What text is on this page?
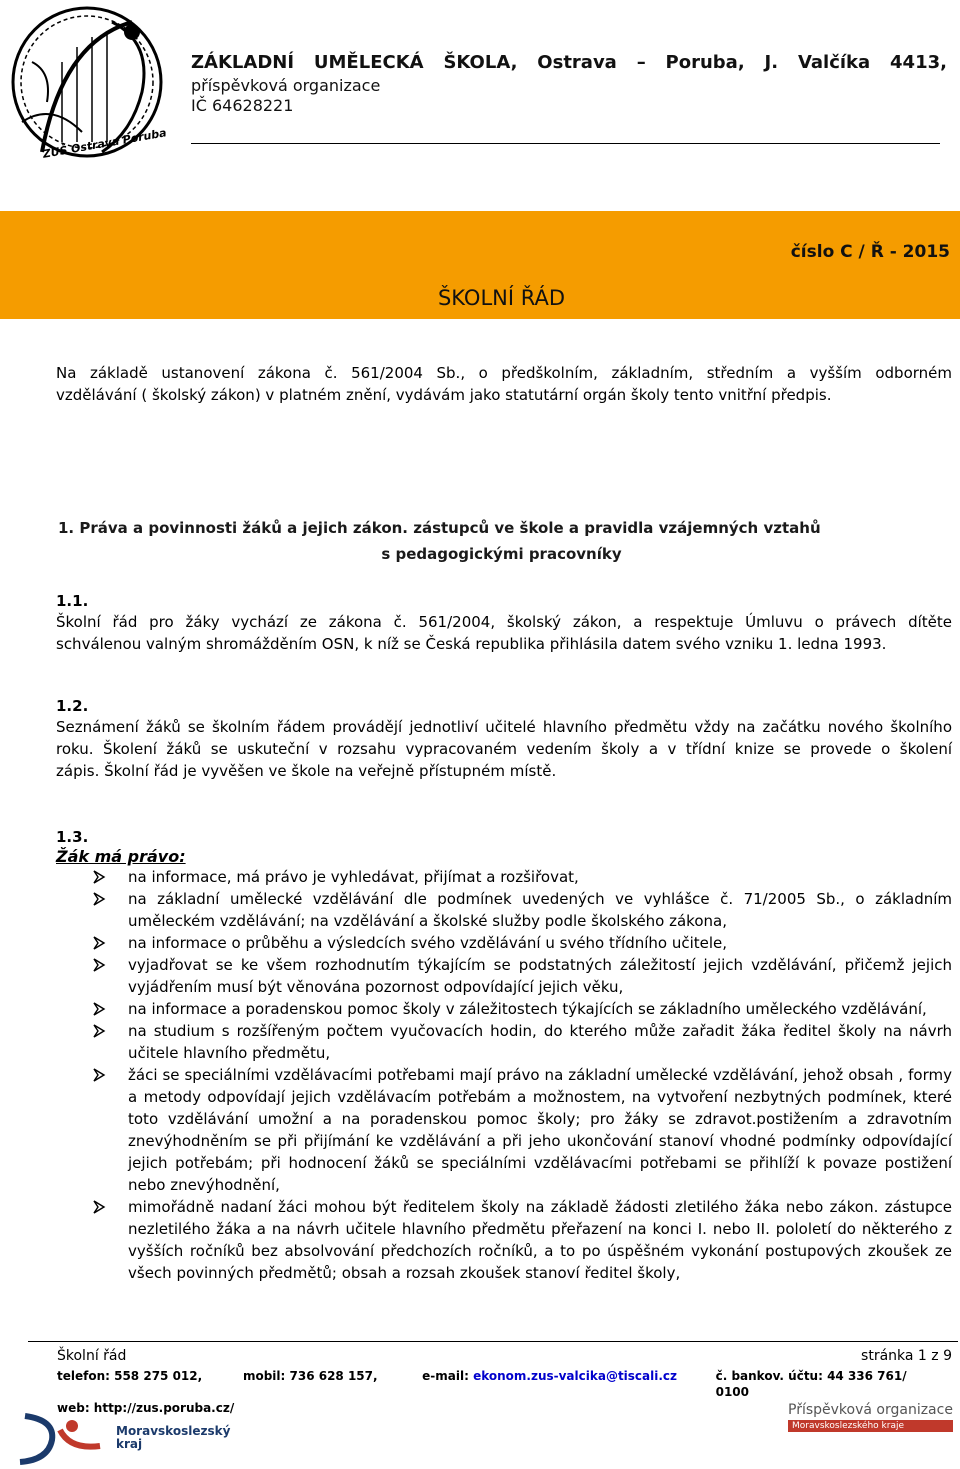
ZUŠ Ostrava Poruba
ZÁKLADNÍ UMĚLECKÁ ŠKOLA, Ostrava – Poruba, J. Valčíka 4413,
příspěvková organizace
IČ 64628221
číslo C / Ř - 2015
ŠKOLNÍ ŘÁD
Na základě ustanovení zákona č. 561/2004 Sb., o předškolním, základním, středním a vyšším odborném
vzdělávání ( školský zákon) v platném znění, vydávám jako statutární orgán školy tento vnitřní předpis.
1. Práva a povinnosti žáků a jejich zákon. zástupců ve škole a pravidla vzájemných vztahů
s pedagogickými pracovníky
1.1.
Školní řád pro žáky vychází ze zákona č. 561/2004, školský zákon, a respektuje Úmluvu o právech dítěte
schválenou valným shromážděním OSN, k níž se Česká republika přihlásila datem svého vzniku 1. ledna 1993.
1.2.
Seznámení žáků se školním řádem provádějí jednotliví učitelé hlavního předmětu vždy na začátku nového školního
roku. Školení žáků se uskuteční v rozsahu vypracovaném vedením školy a v třídní knize se provede o školení
zápis. Školní řád je vyvěšen ve škole na veřejně přístupném místě.
1.3.
Žák má právo:
na informace, má právo je vyhledávat, přijímat a rozšiřovat,
na základní umělecké vzdělávání dle podmínek uvedených ve vyhlášce č. 71/2005 Sb., o základním uměleckém vzdělávání; na vzdělávání a školské služby podle školského zákona,
na informace o průběhu a výsledcích svého vzdělávání u svého třídního učitele,
vyjadřovat se ke všem rozhodnutím týkajícím se podstatných záležitostí jejich vzdělávání, přičemž jejich vyjádřením musí být věnována pozornost odpovídající jejich věku,
na informace a poradenskou pomoc školy v záležitostech týkajících se základního uměleckého vzdělávání,
na studium s rozšířeným počtem vyučovacích hodin, do kterého může zařadit žáka ředitel školy na návrh učitele hlavního předmětu,
žáci se speciálními vzdělávacími potřebami mají právo na základní umělecké vzdělávání, jehož obsah , formy a metody odpovídají jejich vzdělávacím potřebám a možnostem, na vytvoření nezbytných podmínek, které toto vzdělávání umožní a na poradenskou pomoc školy; pro žáky se zdravot.postižením a zdravotním znevýhodněním se při přijímání ke vzdělávání a při jeho ukončování stanoví vhodné podmínky odpovídající jejich potřebám; při hodnocení žáků se speciálními vzdělávacími potřebami se přihlíží k povaze postižení nebo znevýhodnění,
mimořádně nadaní žáci mohou být ředitelem školy na základě žádosti zletilého žáka nebo zákon. zástupce nezletilého žáka a na návrh učitele hlavního předmětu přeřazení na konci I. nebo II. pololetí do některého z vyšších ročníků bez absolvování předchozích ročníků, a to po úspěšném vykonání postupových zkoušek ze všech povinných předmětů; obsah a rozsah zkoušek stanoví ředitel školy,
Školní řád	stránka 1 z 9
telefon: 558 275 012,	mobil: 736 628 157,	e-mail: ekonom.zus-valcika@tiscali.cz	č. bankov. účtu: 44 336 761/ 0100
web: http://zus.poruba.cz/	Příspěvková organizace
Moravskoslezského kraje
Moravskoslezský
kraj
